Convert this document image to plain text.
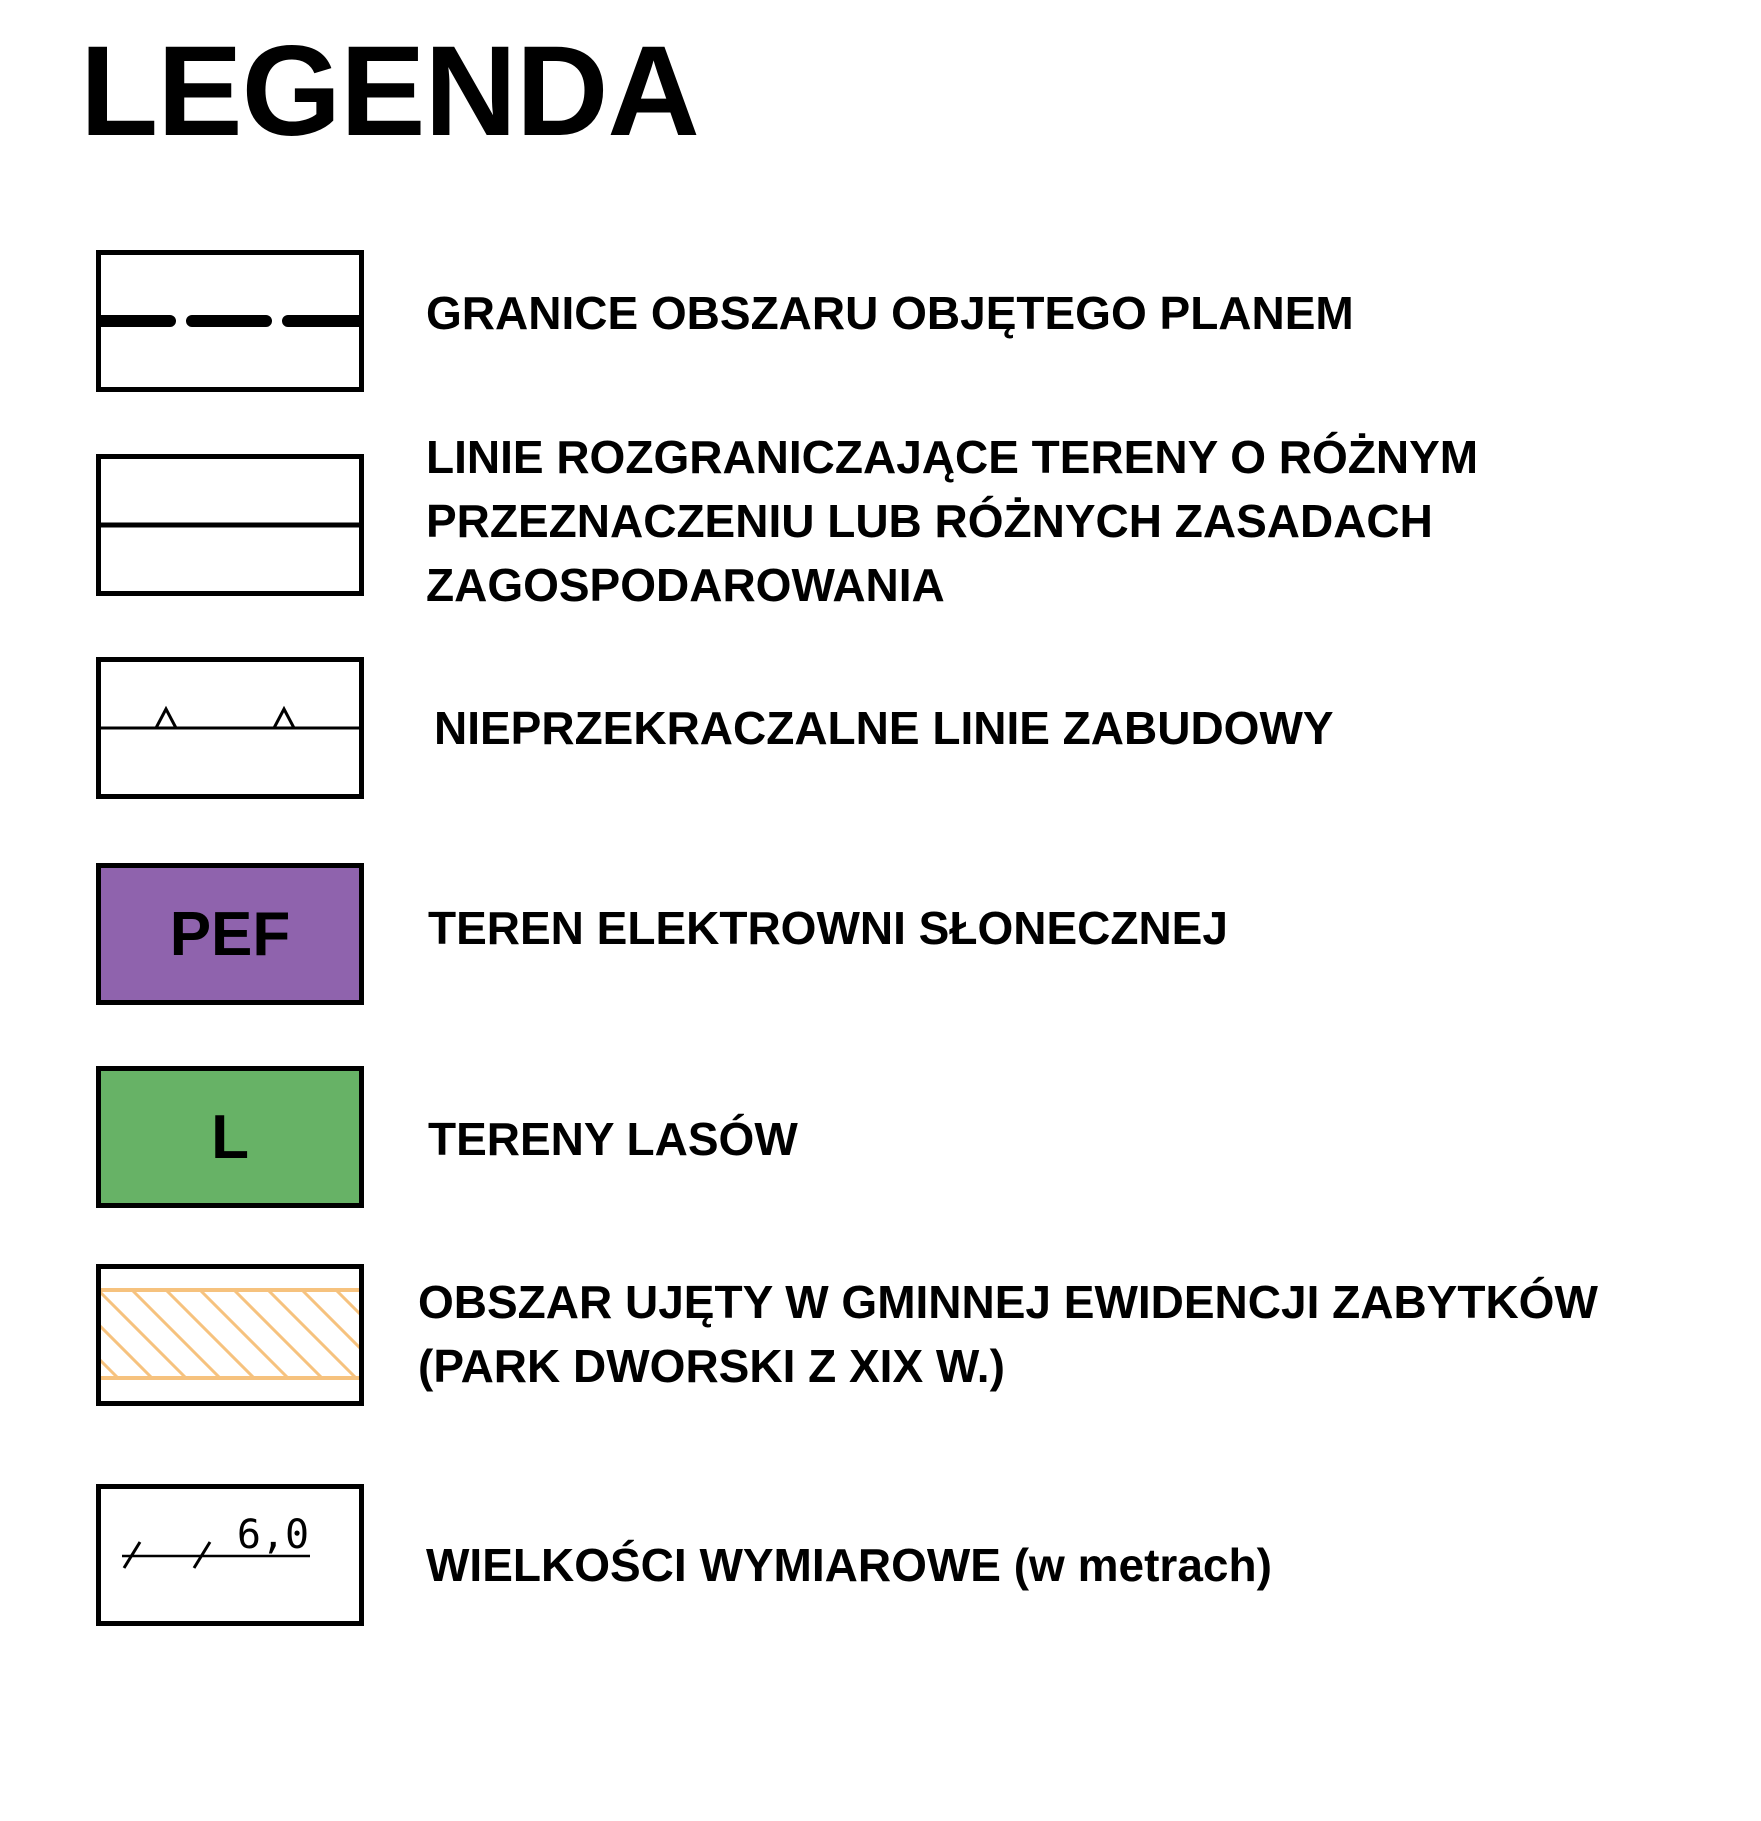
LEGENDA
GRANICE OBSZARU OBJĘTEGO PLANEM
LINIE ROZGRANICZAJĄCE TERENY O RÓŻNYM
PRZEZNACZENIU LUB RÓŻNYCH ZASADACH
ZAGOSPODAROWANIA
NIEPRZEKRACZALNE LINIE ZABUDOWY
PEF	TEREN ELEKTROWNI SŁONECZNEJ
L	TERENY LASÓW
OBSZAR UJĘTY W GMINNEJ EWIDENCJI ZABYTKÓW
(PARK DWORSKI Z XIX W.)
6,0
WIELKOŚCI WYMIAROWE (w metrach)
